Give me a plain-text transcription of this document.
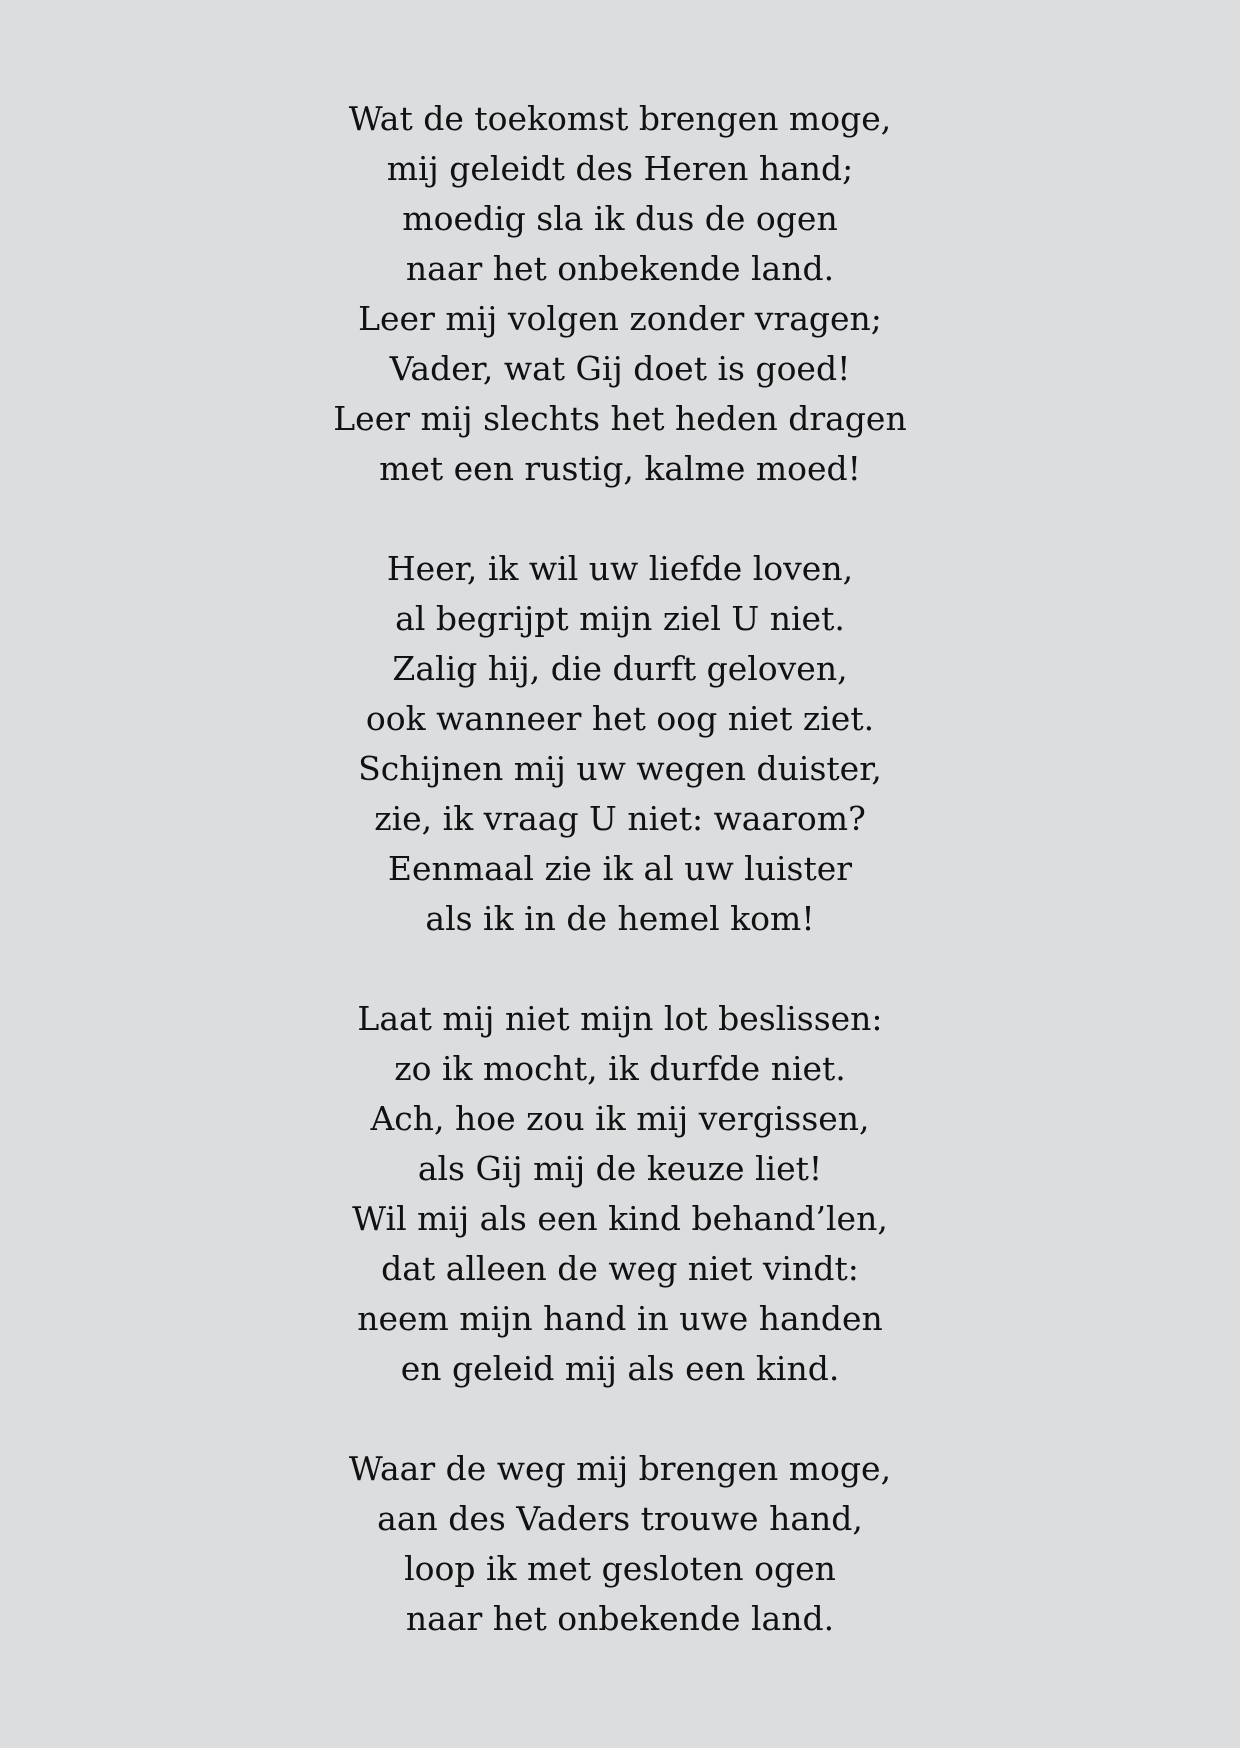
Wat de toekomst brengen moge,
mij geleidt des Heren hand;
moedig sla ik dus de ogen
naar het onbekende land.
Leer mij volgen zonder vragen;
Vader, wat Gij doet is goed!
Leer mij slechts het heden dragen
met een rustig, kalme moed!
Heer, ik wil uw liefde loven,
al begrijpt mijn ziel U niet.
Zalig hij, die durft geloven,
ook wanneer het oog niet ziet.
Schijnen mij uw wegen duister,
zie, ik vraag U niet: waarom?
Eenmaal zie ik al uw luister
als ik in de hemel kom!
Laat mij niet mijn lot beslissen:
zo ik mocht, ik durfde niet.
Ach, hoe zou ik mij vergissen,
als Gij mij de keuze liet!
Wil mij als een kind behand’len,
dat alleen de weg niet vindt:
neem mijn hand in uwe handen
en geleid mij als een kind.
Waar de weg mij brengen moge,
aan des Vaders trouwe hand,
loop ik met gesloten ogen
naar het onbekende land.
